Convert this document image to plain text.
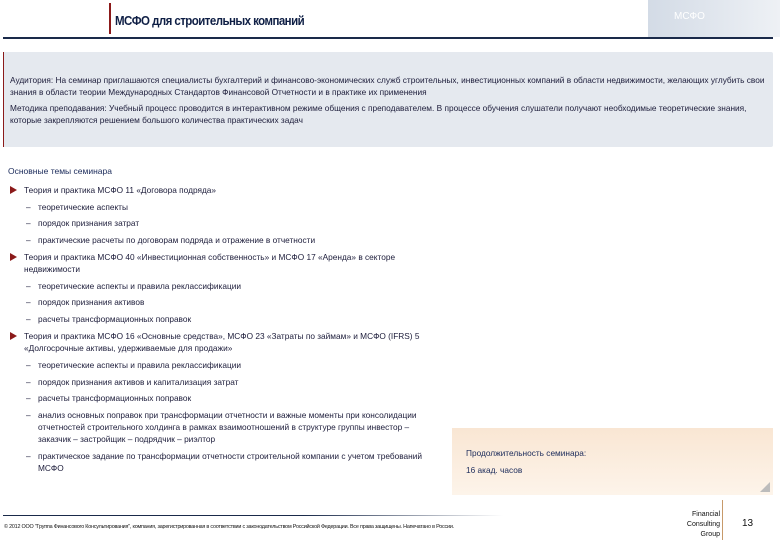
МСФО для строительных компаний	МСФО

Аудитория: На семинар приглашаются специалисты бухгалтерий и финансово-экономических служб строительных, инвестиционных компаний в области недвижимости, желающих углубить свои знания в области теории Международных Стандартов Финансовой Отчетности и в практике их применения

Методика преподавания: Учебный процесс проводится в интерактивном режиме общения с преподавателем. В процессе обучения слушатели получают необходимые теоретические знания, которые закрепляются решением большого количества практических задач

Основные темы семинара
Теория и практика МСФО 11 «Договора подряда»
– теоретические аспекты
– порядок признания затрат
– практические расчеты по договорам подряда и отражение в отчетности
Теория и практика МСФО 40 «Инвестиционная собственность» и МСФО 17 «Аренда» в секторе недвижимости
– теоретические аспекты и правила реклассификации
– порядок признания активов
– расчеты трансформационных поправок
Теория и практика МСФО 16 «Основные средства», МСФО 23 «Затраты по займам» и МСФО (IFRS) 5 «Долгосрочные активы, удерживаемые для продажи»
– теоретические аспекты и правила реклассификации
– порядок признания активов и капитализация затрат
– расчеты трансформационных поправок
– анализ основных поправок при трансформации отчетности и важные моменты при консолидации отчетностей строительного холдинга в рамках взаимоотношений в структуре группы инвестор – заказчик – застройщик – подрядчик – риэлтор
– практическое задание по трансформации отчетности строительной компании с учетом требований МСФО
Продолжительность семинара:
16 акад. часов
© 2012 ООО "Группа Финансового Консультирования", компания, зарегистрированная в соответствии с законодательством Российской Федерации. Все права защищены. Напечатано в России.
Financial
Consulting
Group
13
